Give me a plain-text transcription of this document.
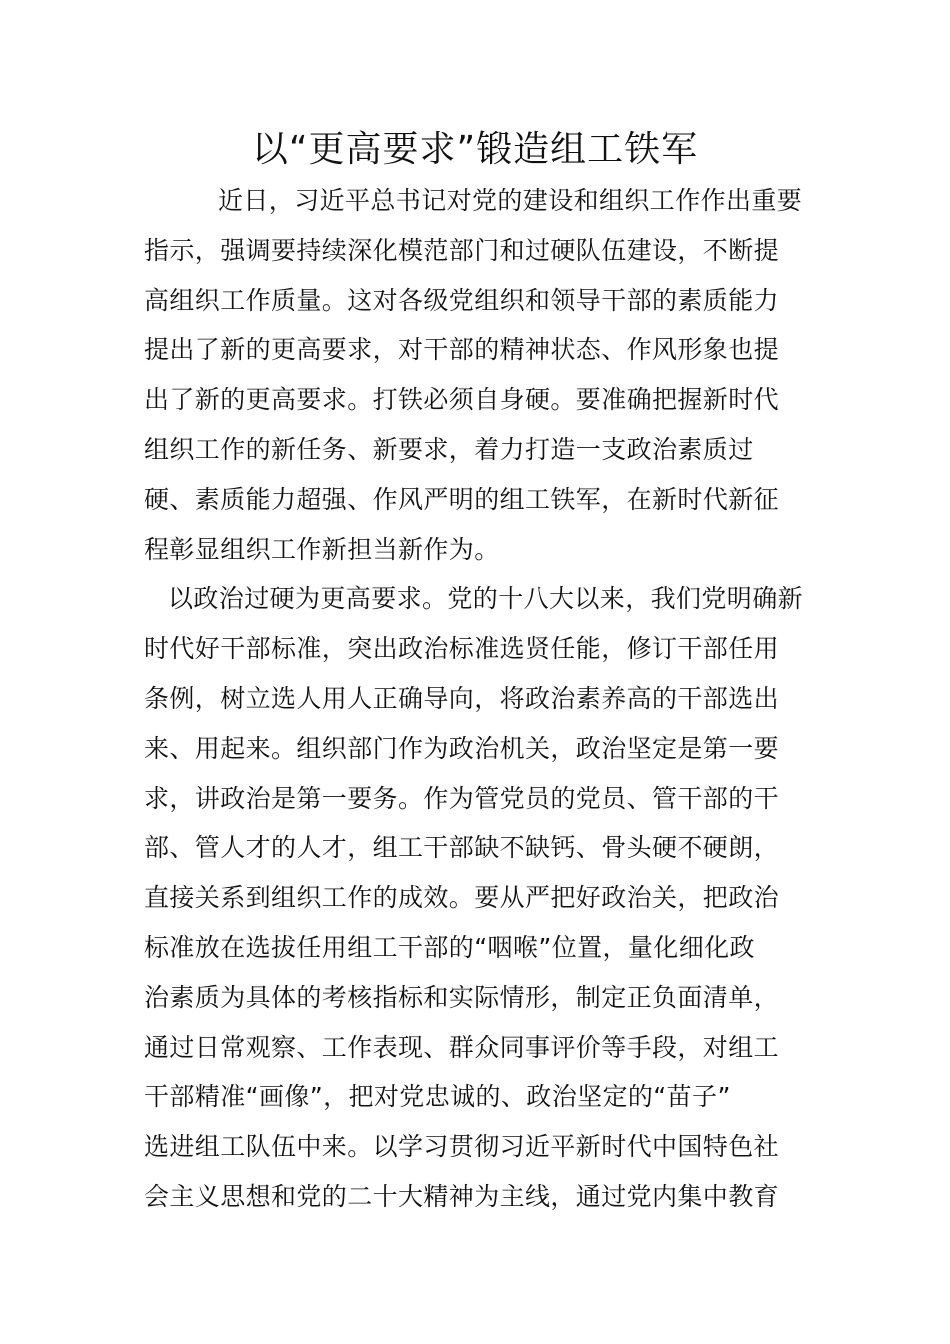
以“更高要求”锻造组工铁军
近日，习近平总书记对党的建设和组织工作作出重要
指示，强调要持续深化模范部门和过硬队伍建设，不断提
高组织工作质量。这对各级党组织和领导干部的素质能力
提出了新的更高要求，对干部的精神状态、作风形象也提
出了新的更高要求。打铁必须自身硬。要准确把握新时代
组织工作的新任务、新要求，着力打造一支政治素质过
硬、素质能力超强、作风严明的组工铁军，在新时代新征
程彰显组织工作新担当新作为。
以政治过硬为更高要求。党的十八大以来，我们党明确新
时代好干部标准，突出政治标准选贤任能，修订干部任用
条例，树立选人用人正确导向，将政治素养高的干部选出
来、用起来。组织部门作为政治机关，政治坚定是第一要
求，讲政治是第一要务。作为管党员的党员、管干部的干
部、管人才的人才，组工干部缺不缺钙、骨头硬不硬朗，
直接关系到组织工作的成效。要从严把好政治关，把政治
标准放在选拔任用组工干部的“咽喉”位置，量化细化政
治素质为具体的考核指标和实际情形，制定正负面清单，
通过日常观察、工作表现、群众同事评价等手段，对组工
干部精准“画像”，把对党忠诚的、政治坚定的“苗子”
选进组工队伍中来。以学习贯彻习近平新时代中国特色社
会主义思想和党的二十大精神为主线，通过党内集中教育
